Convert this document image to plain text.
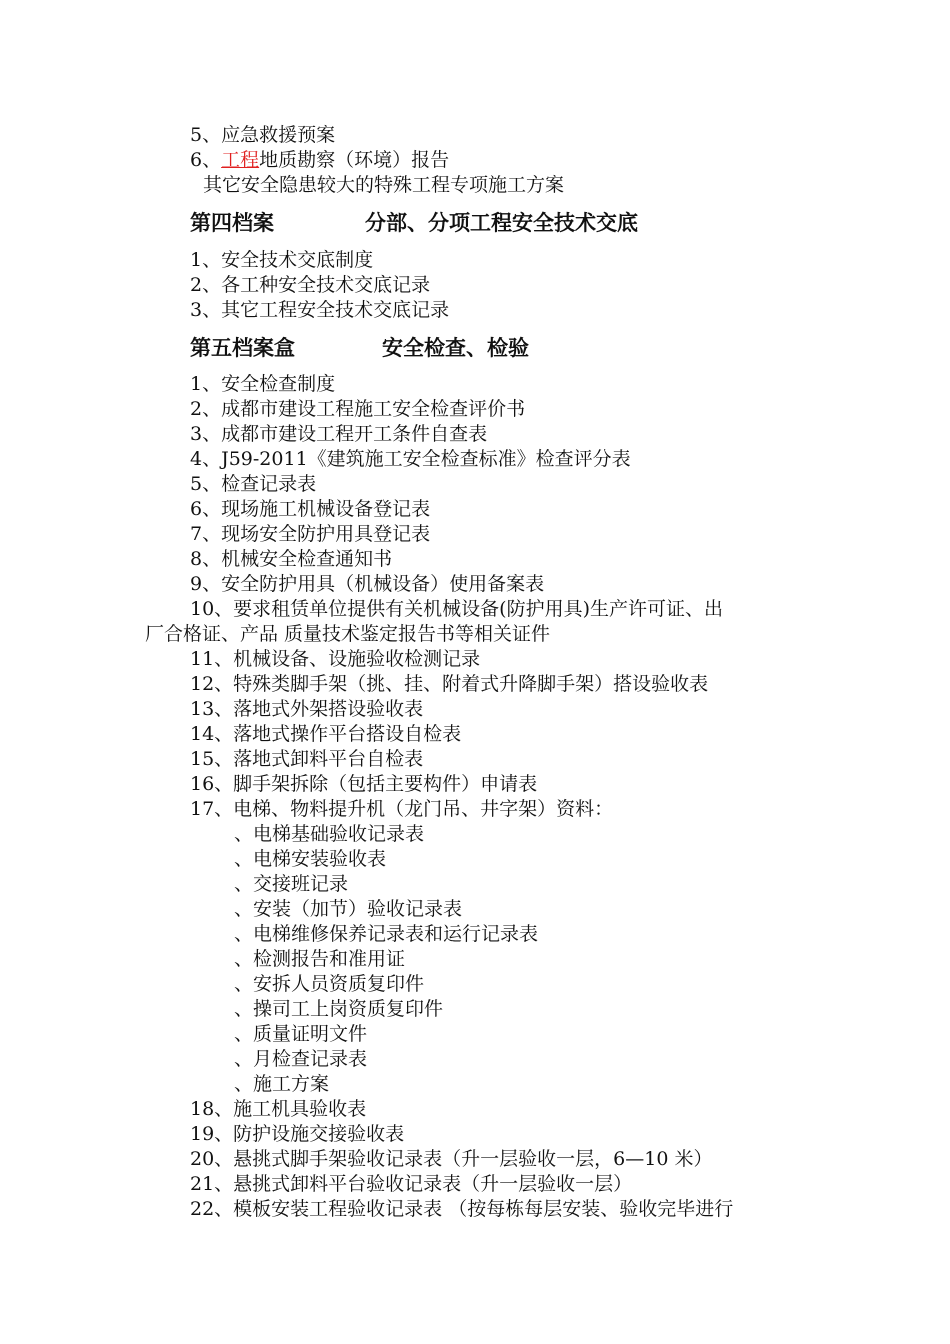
5、应急救援预案
6、工程地质勘察（环境）报告
其它安全隐患较大的特殊工程专项施工方案
第四档案	分部、分项工程安全技术交底
1、安全技术交底制度
2、各工种安全技术交底记录
3、其它工程安全技术交底记录
第五档案盒	安全检查、检验
1、安全检查制度
2、成都市建设工程施工安全检查评价书
3、成都市建设工程开工条件自查表
4、J59-2011《建筑施工安全检查标准》检查评分表
5、检查记录表
6、现场施工机械设备登记表
7、现场安全防护用具登记表
8、机械安全检查通知书
9、安全防护用具（机械设备）使用备案表
10、要求租赁单位提供有关机械设备(防护用具)生产许可证、出
厂合格证、产品 质量技术鉴定报告书等相关证件
11、机械设备、设施验收检测记录
12、特殊类脚手架（挑、挂、附着式升降脚手架）搭设验收表
13、落地式外架搭设验收表
14、落地式操作平台搭设自检表
15、落地式卸料平台自检表
16、脚手架拆除（包括主要构件）申请表
17、电梯、物料提升机（龙门吊、井字架）资料：
、电梯基础验收记录表
、电梯安装验收表
、交接班记录
、安装（加节）验收记录表
、电梯维修保养记录表和运行记录表
、检测报告和准用证
、安拆人员资质复印件
、操司工上岗资质复印件
、质量证明文件
、月检查记录表
、施工方案
18、施工机具验收表
19、防护设施交接验收表
20、悬挑式脚手架验收记录表（升一层验收一层，6—10 米）
21、悬挑式卸料平台验收记录表（升一层验收一层）
22、模板安装工程验收记录表 （按每栋每层安装、验收完毕进行
